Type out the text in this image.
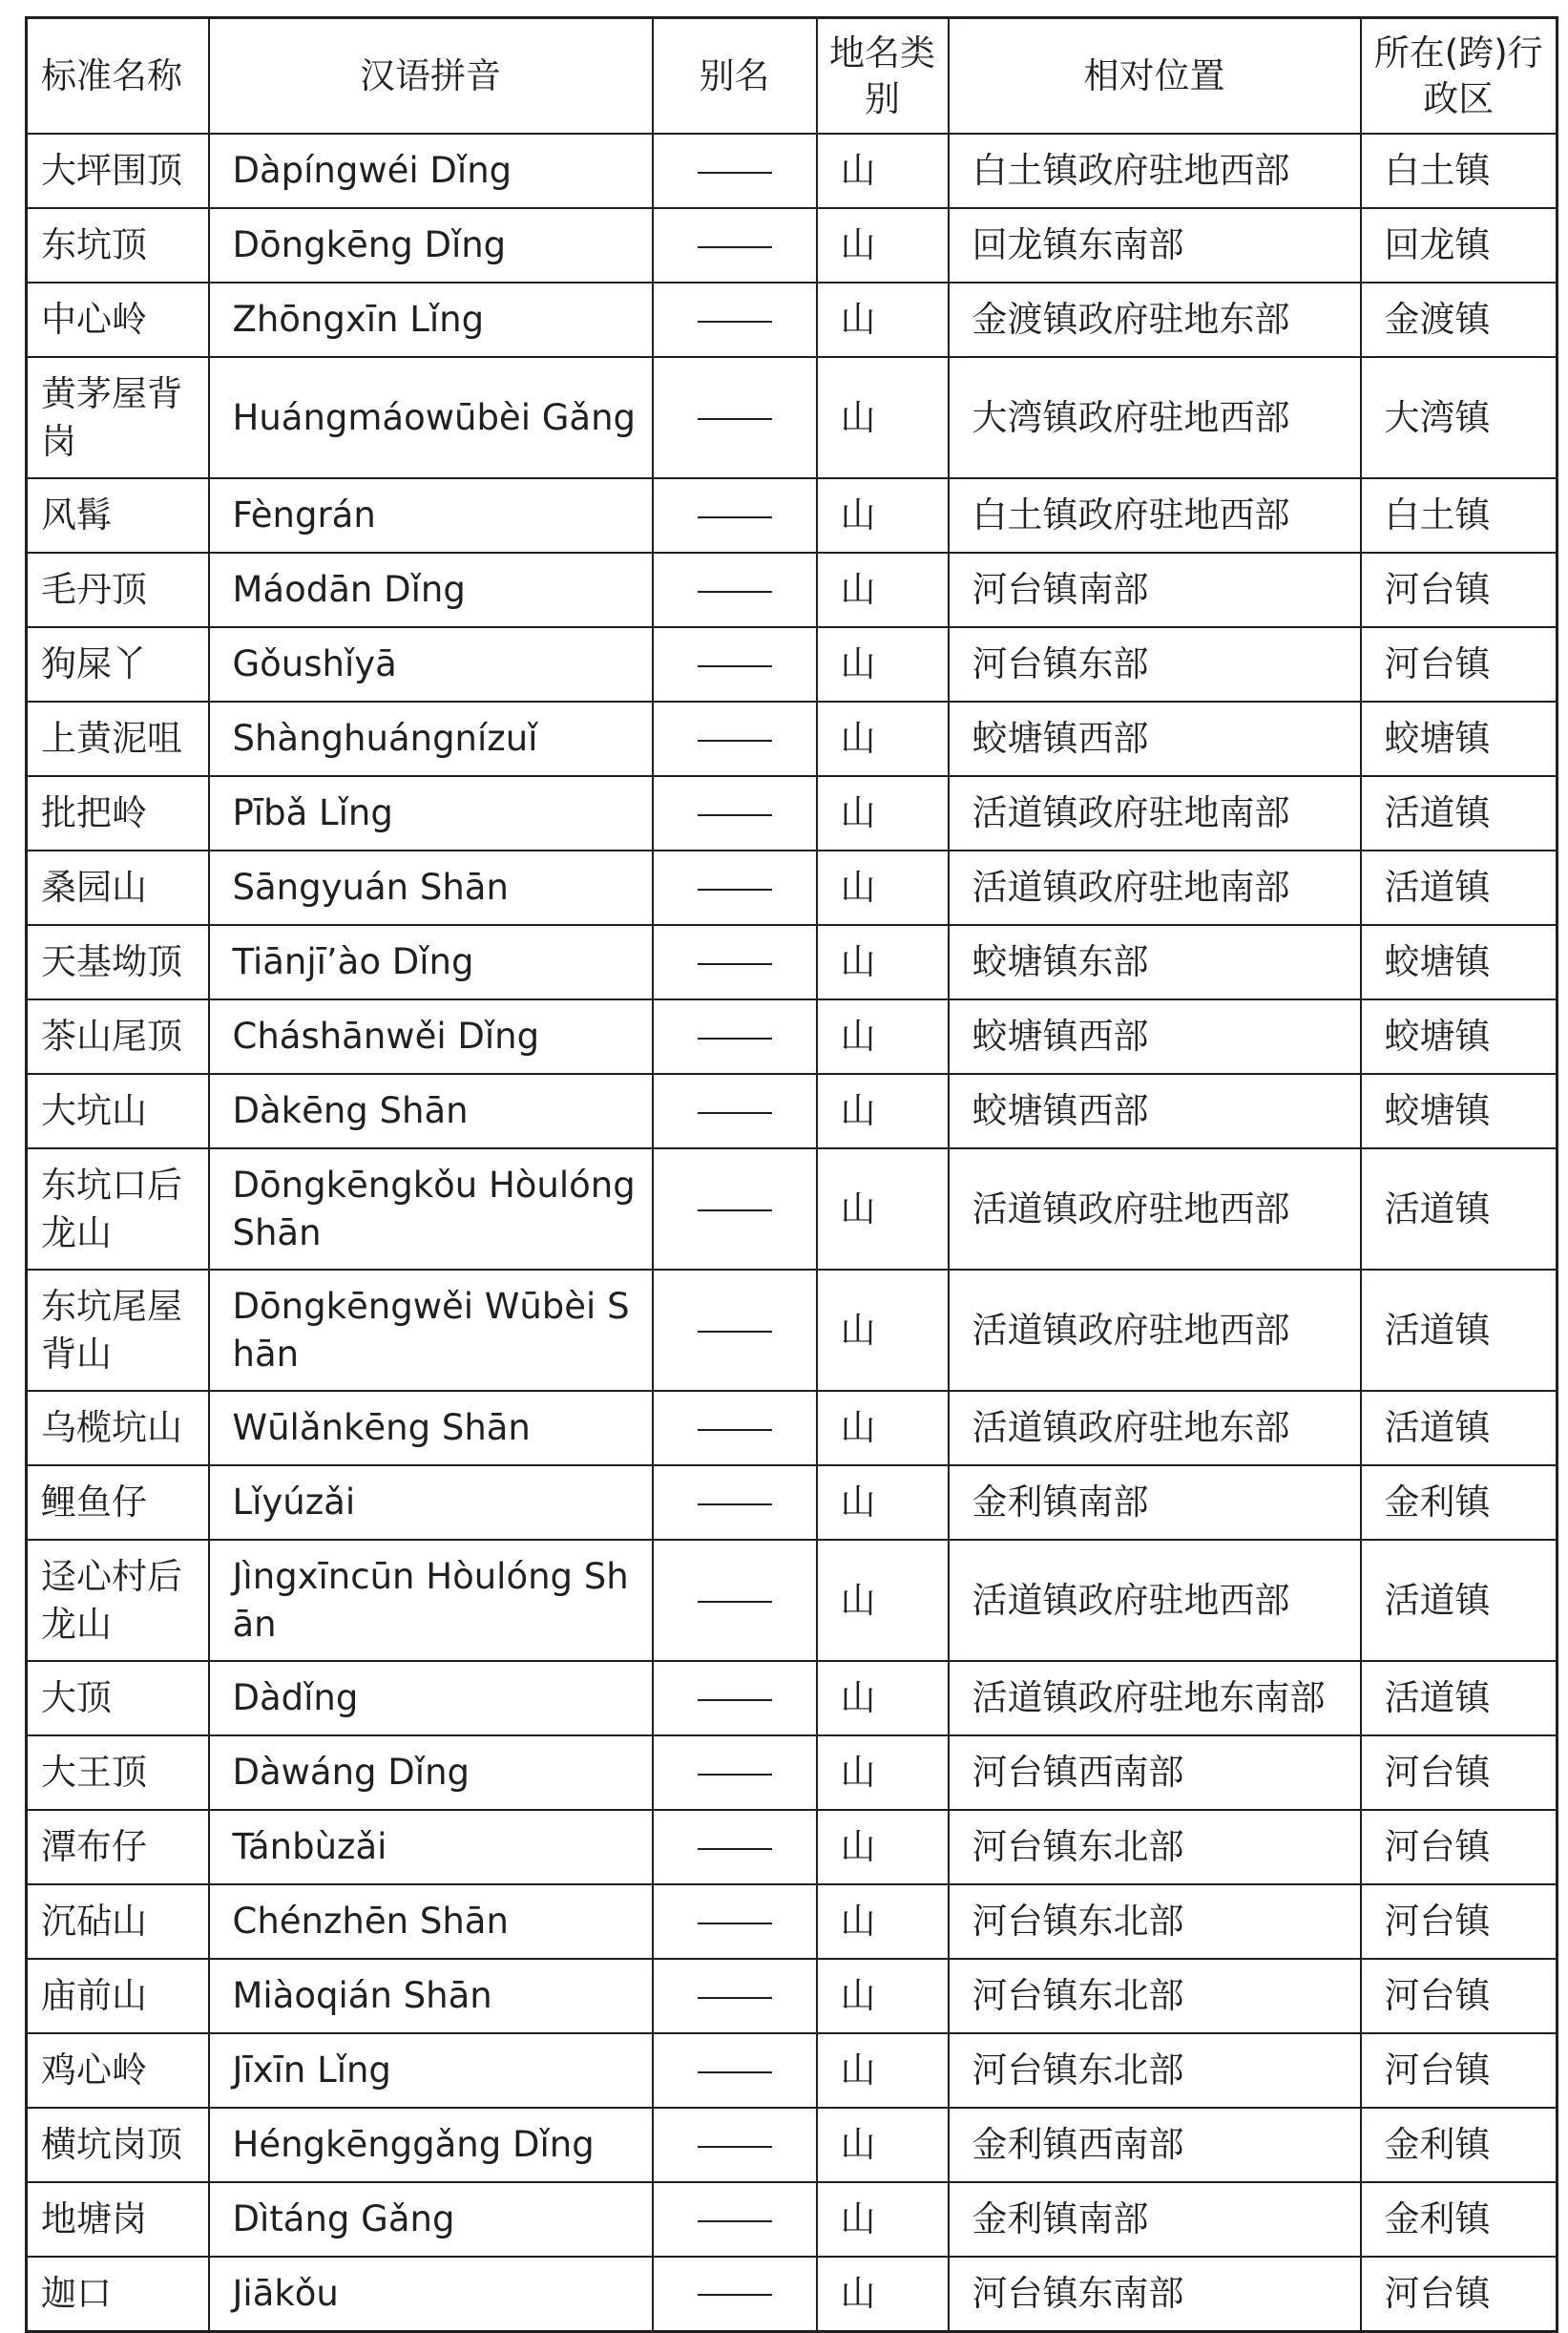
标准名称	汉语拼音	别名	地名类别	相对位置	所在(跨)行政区
大坪围顶	Dàpíngwéi Dǐng		山	白土镇政府驻地西部	白土镇
东坑顶	Dōngkēng Dǐng		山	回龙镇东南部	回龙镇
中心岭	Zhōngxīn Lǐng		山	金渡镇政府驻地东部	金渡镇
黄茅屋背岗	Huángmáowūbèi Gǎng		山	大湾镇政府驻地西部	大湾镇
风髯	Fèngrán		山	白土镇政府驻地西部	白土镇
毛丹顶	Máodān Dǐng		山	河台镇南部	河台镇
狗屎丫	Gǒushǐyā		山	河台镇东部	河台镇
上黄泥咀	Shànghuángnízuǐ		山	蛟塘镇西部	蛟塘镇
批把岭	Pībǎ Lǐng		山	活道镇政府驻地南部	活道镇
桑园山	Sāngyuán Shān		山	活道镇政府驻地南部	活道镇
天基坳顶	Tiānjī’ào Dǐng		山	蛟塘镇东部	蛟塘镇
茶山尾顶	Cháshānwěi Dǐng		山	蛟塘镇西部	蛟塘镇
大坑山	Dàkēng Shān		山	蛟塘镇西部	蛟塘镇
东坑口后龙山	Dōngkēngkǒu Hòulóng Shān		山	活道镇政府驻地西部	活道镇
东坑尾屋背山	Dōngkēngwěi Wūbèi Shān		山	活道镇政府驻地西部	活道镇
乌榄坑山	Wūlǎnkēng Shān		山	活道镇政府驻地东部	活道镇
鲤鱼仔	Lǐyúzǎi		山	金利镇南部	金利镇
迳心村后龙山	Jìngxīncūn Hòulóng Shān		山	活道镇政府驻地西部	活道镇
大顶	Dàdǐng		山	活道镇政府驻地东南部	活道镇
大王顶	Dàwáng Dǐng		山	河台镇西南部	河台镇
潭布仔	Tánbùzǎi		山	河台镇东北部	河台镇
沉砧山	Chénzhēn Shān		山	河台镇东北部	河台镇
庙前山	Miàoqián Shān		山	河台镇东北部	河台镇
鸡心岭	Jīxīn Lǐng		山	河台镇东北部	河台镇
横坑岗顶	Héngkēnggǎng Dǐng		山	金利镇西南部	金利镇
地塘岗	Dìtáng Gǎng		山	金利镇南部	金利镇
迦口	Jiākǒu		山	河台镇东南部	河台镇
